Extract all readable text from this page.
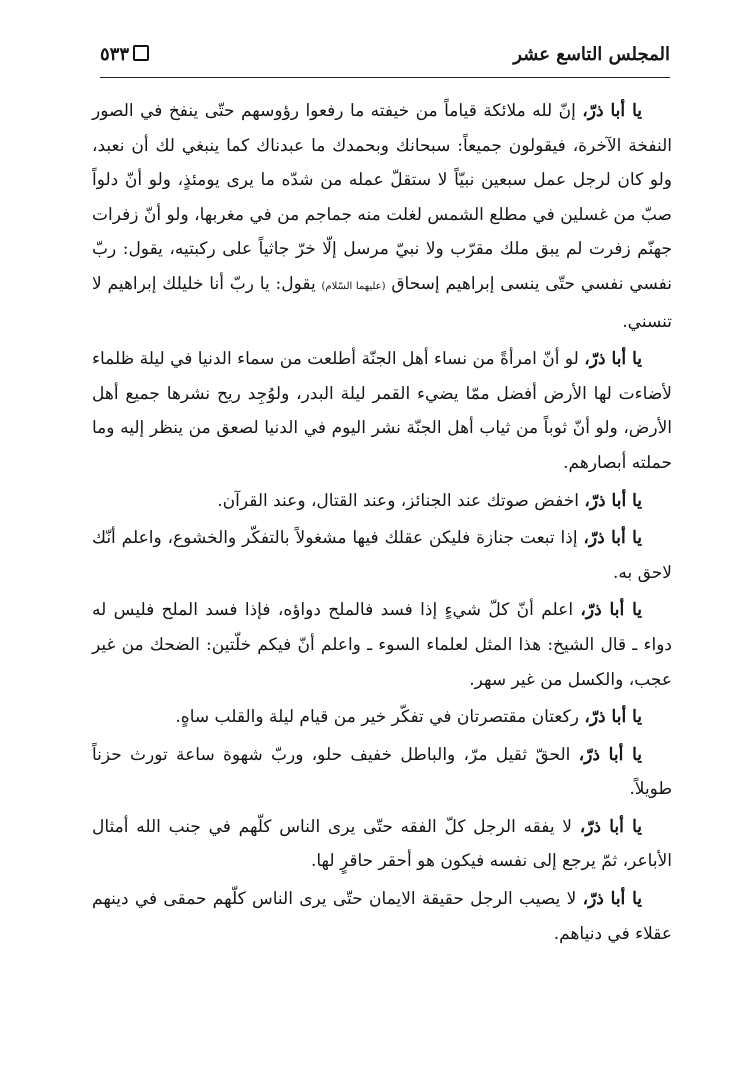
المجلس التاسع عشر
٥٣٣

يا أبا ذرّ، إنّ لله ملائكة قياماً من خيفته ما رفعوا رؤوسهم حتّى ينفخ في الصور النفخة الآخرة، فيقولون جميعاً: سبحانك وبحمدك ما عبدناك كما ينبغي لك أن نعبد، ولو كان لرجل عمل سبعين نبيّاً لا ستقلّ عمله من شدّه ما يرى يومئذٍ، ولو أنّ دلواً صبّ من غسلين في مطلع الشمس لغلت منه جماجم من في مغربها، ولو أنّ زفرات جهنّم زفرت لم يبق ملك مقرّب ولا نبيّ مرسل إلّا خرّ جاثياً على ركبتيه، يقول: ربّ نفسي نفسي حتّى ينسى إبراهيم إسحاق (عليهما السّلام) يقول: يا ربّ أنا خليلك إبراهيم لا تنسني.

يا أبا ذرّ، لو أنّ امرأةً من نساء أهل الجنّة أطلعت من سماء الدنيا في ليلة ظلماء لأضاءت لها الأرض أفضل ممّا يضيء القمر ليلة البدر، ولوُجِد ريح نشرها جميع أهل الأرض، ولو أنّ ثوباً من ثياب أهل الجنّة نشر اليوم في الدنيا لصعق من ينظر إليه وما حملته أبصارهم.

يا أبا ذرّ، اخفض صوتك عند الجنائز، وعند القتال، وعند القرآن.

يا أبا ذرّ، إذا تبعت جنازة فليكن عقلك فيها مشغولاً بالتفكّر والخشوع، واعلم أنّك لاحق به.

يا أبا ذرّ، اعلم أنّ كلّ شيءٍ إذا فسد فالملح دواؤه، فإذا فسد الملح فليس له دواء ـ قال الشيخ: هذا المثل لعلماء السوء ـ واعلم أنّ فيكم خلّتين: الضحك من غير عجب، والكسل من غير سهر.

يا أبا ذرّ، ركعتان مقتصرتان في تفكّر خير من قيام ليلة والقلب ساهٍ.

يا أبا ذرّ، الحقّ ثقيل مرّ، والباطل خفيف حلو، وربّ شهوة ساعة تورث حزناً طويلاً.

يا أبا ذرّ، لا يفقه الرجل كلّ الفقه حتّى يرى الناس كلّهم في جنب الله أمثال الأباعر، ثمّ يرجع إلى نفسه فيكون هو أحقر حاقرٍ لها.

يا أبا ذرّ، لا يصيب الرجل حقيقة الايمان حتّى يرى الناس كلّهم حمقى في دينهم عقلاء في دنياهم.
